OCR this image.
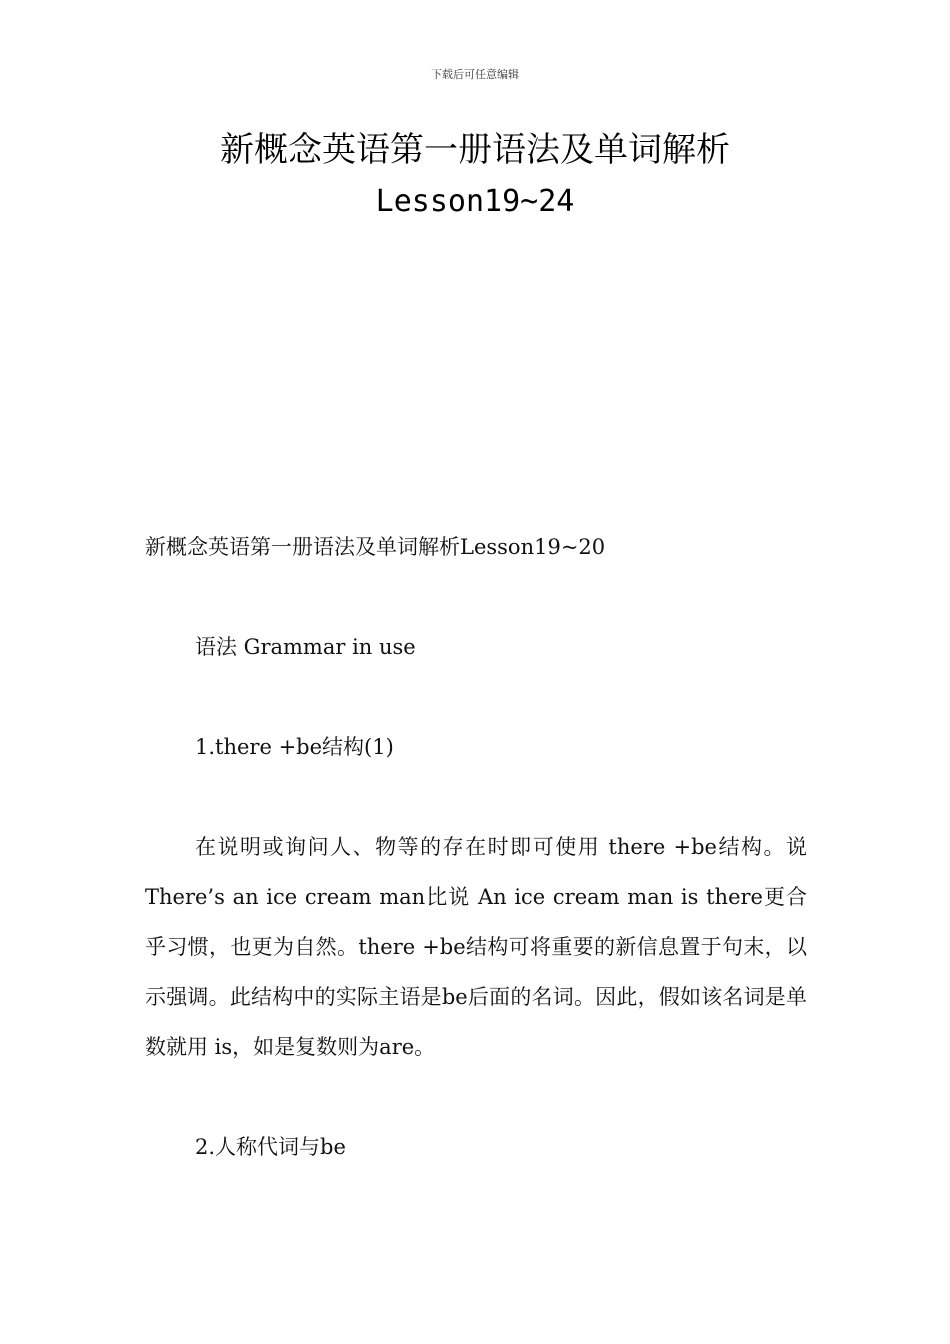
下载后可任意编辑
新概念英语第一册语法及单词解析
Lesson19~24

新概念英语第一册语法及单词解析Lesson19~20

语法 Grammar in use

1.there +be结构(1)

在说明或询问人、物等的存在时即可使用 there +be结构。说 There’s an ice cream man比说 An ice cream man is there更合乎习惯，也更为自然。there +be结构可将重要的新信息置于句末，以示强调。此结构中的实际主语是be后面的名词。因此，假如该名词是单数就用 is，如是复数则为are。

2.人称代词与be
